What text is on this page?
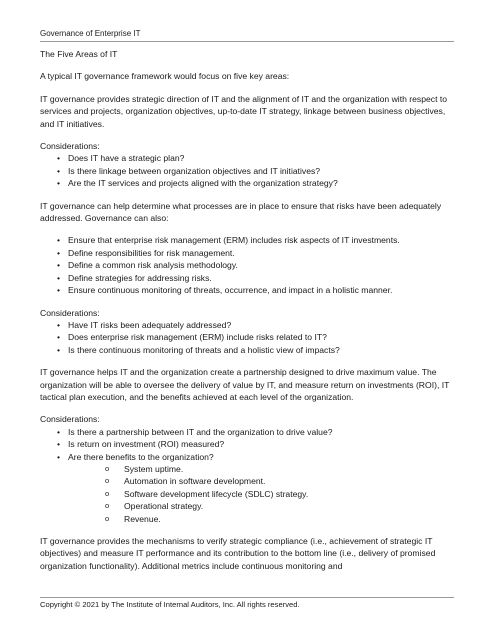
Governance of Enterprise IT

The Five Areas of IT

A typical IT governance framework would focus on five key areas:

IT governance provides strategic direction of IT and the alignment of IT and the organization with respect to services and projects, organization objectives, up-to-date IT strategy, linkage between business objectives, and IT initiatives.

Considerations:

• Does IT have a strategic plan?
• Is there linkage between organization objectives and IT initiatives?
• Are the IT services and projects aligned with the organization strategy?

IT governance can help determine what processes are in place to ensure that risks have been adequately addressed. Governance can also:

• Ensure that enterprise risk management (ERM) includes risk aspects of IT investments.
• Define responsibilities for risk management.
• Define a common risk analysis methodology.
• Define strategies for addressing risks.
• Ensure continuous monitoring of threats, occurrence, and impact in a holistic manner.

Considerations:

• Have IT risks been adequately addressed?
• Does enterprise risk management (ERM) include risks related to IT?
• Is there continuous monitoring of threats and a holistic view of impacts?

IT governance helps IT and the organization create a partnership designed to drive maximum value. The organization will be able to oversee the delivery of value by IT, and measure return on investments (ROI), IT tactical plan execution, and the benefits achieved at each level of the organization.

Considerations:

• Is there a partnership between IT and the organization to drive value?
• Is return on investment (ROI) measured?
• Are there benefits to the organization?
o System uptime.
o Automation in software development.
o Software development lifecycle (SDLC) strategy.
o Operational strategy.
o Revenue.

IT governance provides the mechanisms to verify strategic compliance (i.e., achievement of strategic IT objectives) and measure IT performance and its contribution to the bottom line (i.e., delivery of promised organization functionality). Additional metrics include continuous monitoring and

Copyright © 2021 by The Institute of Internal Auditors, Inc. All rights reserved.
